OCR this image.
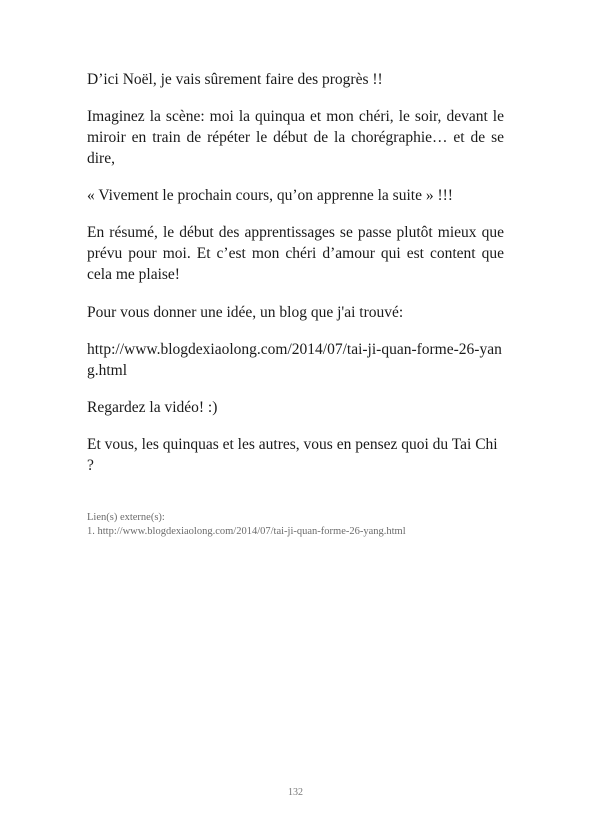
D’ici Noël, je vais sûrement faire des progrès !!

Imaginez la scène: moi la quinqua et mon chéri, le soir, devant le miroir en train de répéter le début de la chorégraphie… et de se dire,

« Vivement le prochain cours, qu’on apprenne la suite » !!!

En résumé, le début des apprentissages se passe plutôt mieux que prévu pour moi. Et c’est mon chéri d’amour qui est content que cela me plaise!

Pour vous donner une idée, un blog que j'ai trouvé:

http://www.blogdexiaolong.com/2014/07/tai-ji-quan-forme-26-yang.html

Regardez la vidéo! :)

Et vous, les quinquas et les autres, vous en pensez quoi du Tai Chi ?

Lien(s) externe(s):
1. http://www.blogdexiaolong.com/2014/07/tai-ji-quan-forme-26-yang.html
132
